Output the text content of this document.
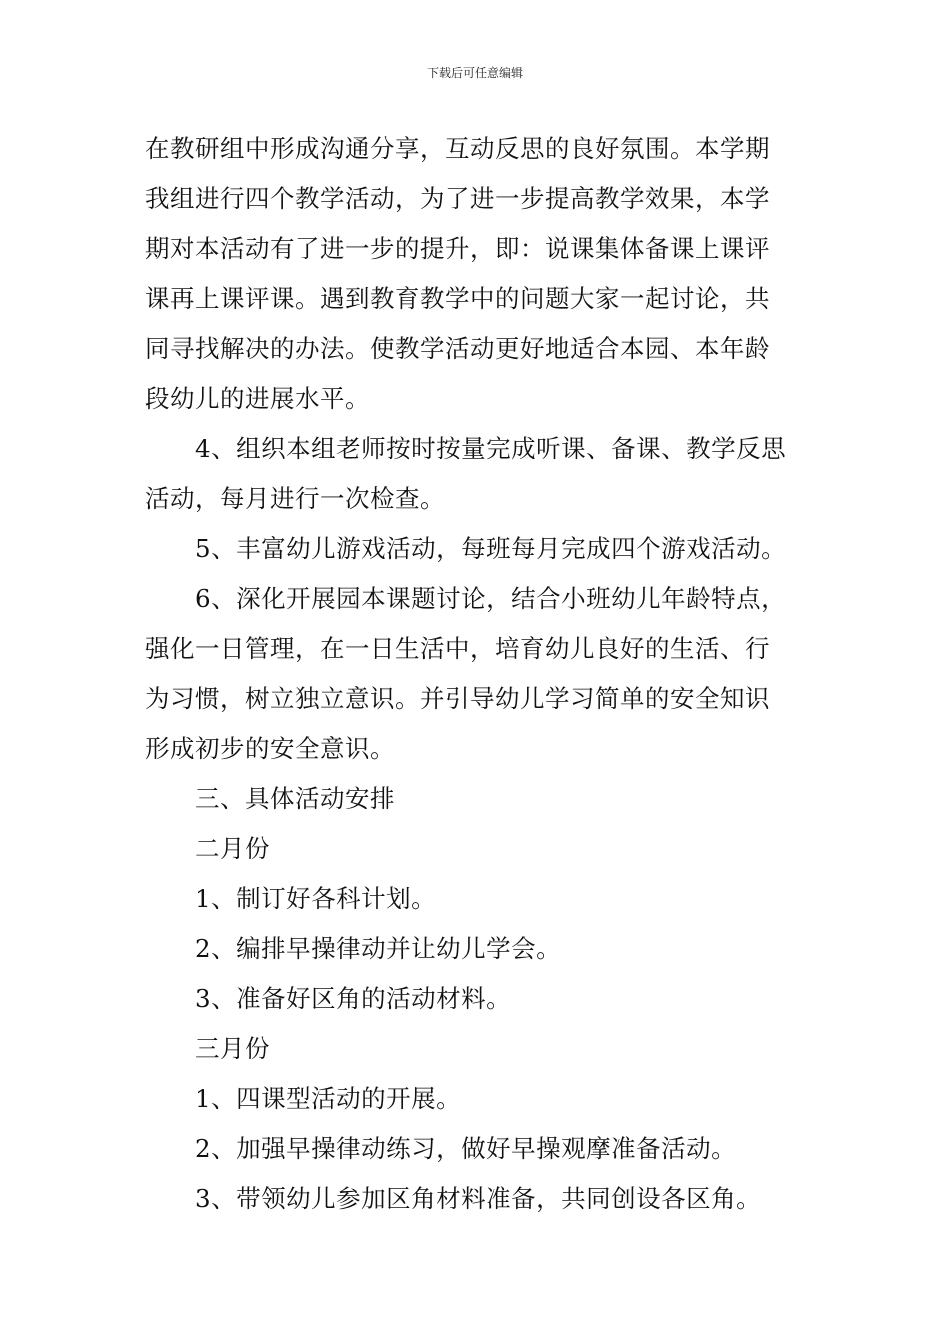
下载后可任意编辑
在教研组中形成沟通分享，互动反思的良好氛围。本学期
我组进行四个教学活动，为了进一步提高教学效果，本学
期对本活动有了进一步的提升，即：说课集体备课上课评
课再上课评课。遇到教育教学中的问题大家一起讨论，共
同寻找解决的办法。使教学活动更好地适合本园、本年龄
段幼儿的进展水平。
4、组织本组老师按时按量完成听课、备课、教学反思
活动，每月进行一次检查。
5、丰富幼儿游戏活动，每班每月完成四个游戏活动。
6、深化开展园本课题讨论，结合小班幼儿年龄特点，
强化一日管理，在一日生活中，培育幼儿良好的生活、行
为习惯，树立独立意识。并引导幼儿学习简单的安全知识
形成初步的安全意识。
三、具体活动安排
二月份
1、制订好各科计划。
2、编排早操律动并让幼儿学会。
3、准备好区角的活动材料。
三月份
1、四课型活动的开展。
2、加强早操律动练习，做好早操观摩准备活动。
3、带领幼儿参加区角材料准备，共同创设各区角。
